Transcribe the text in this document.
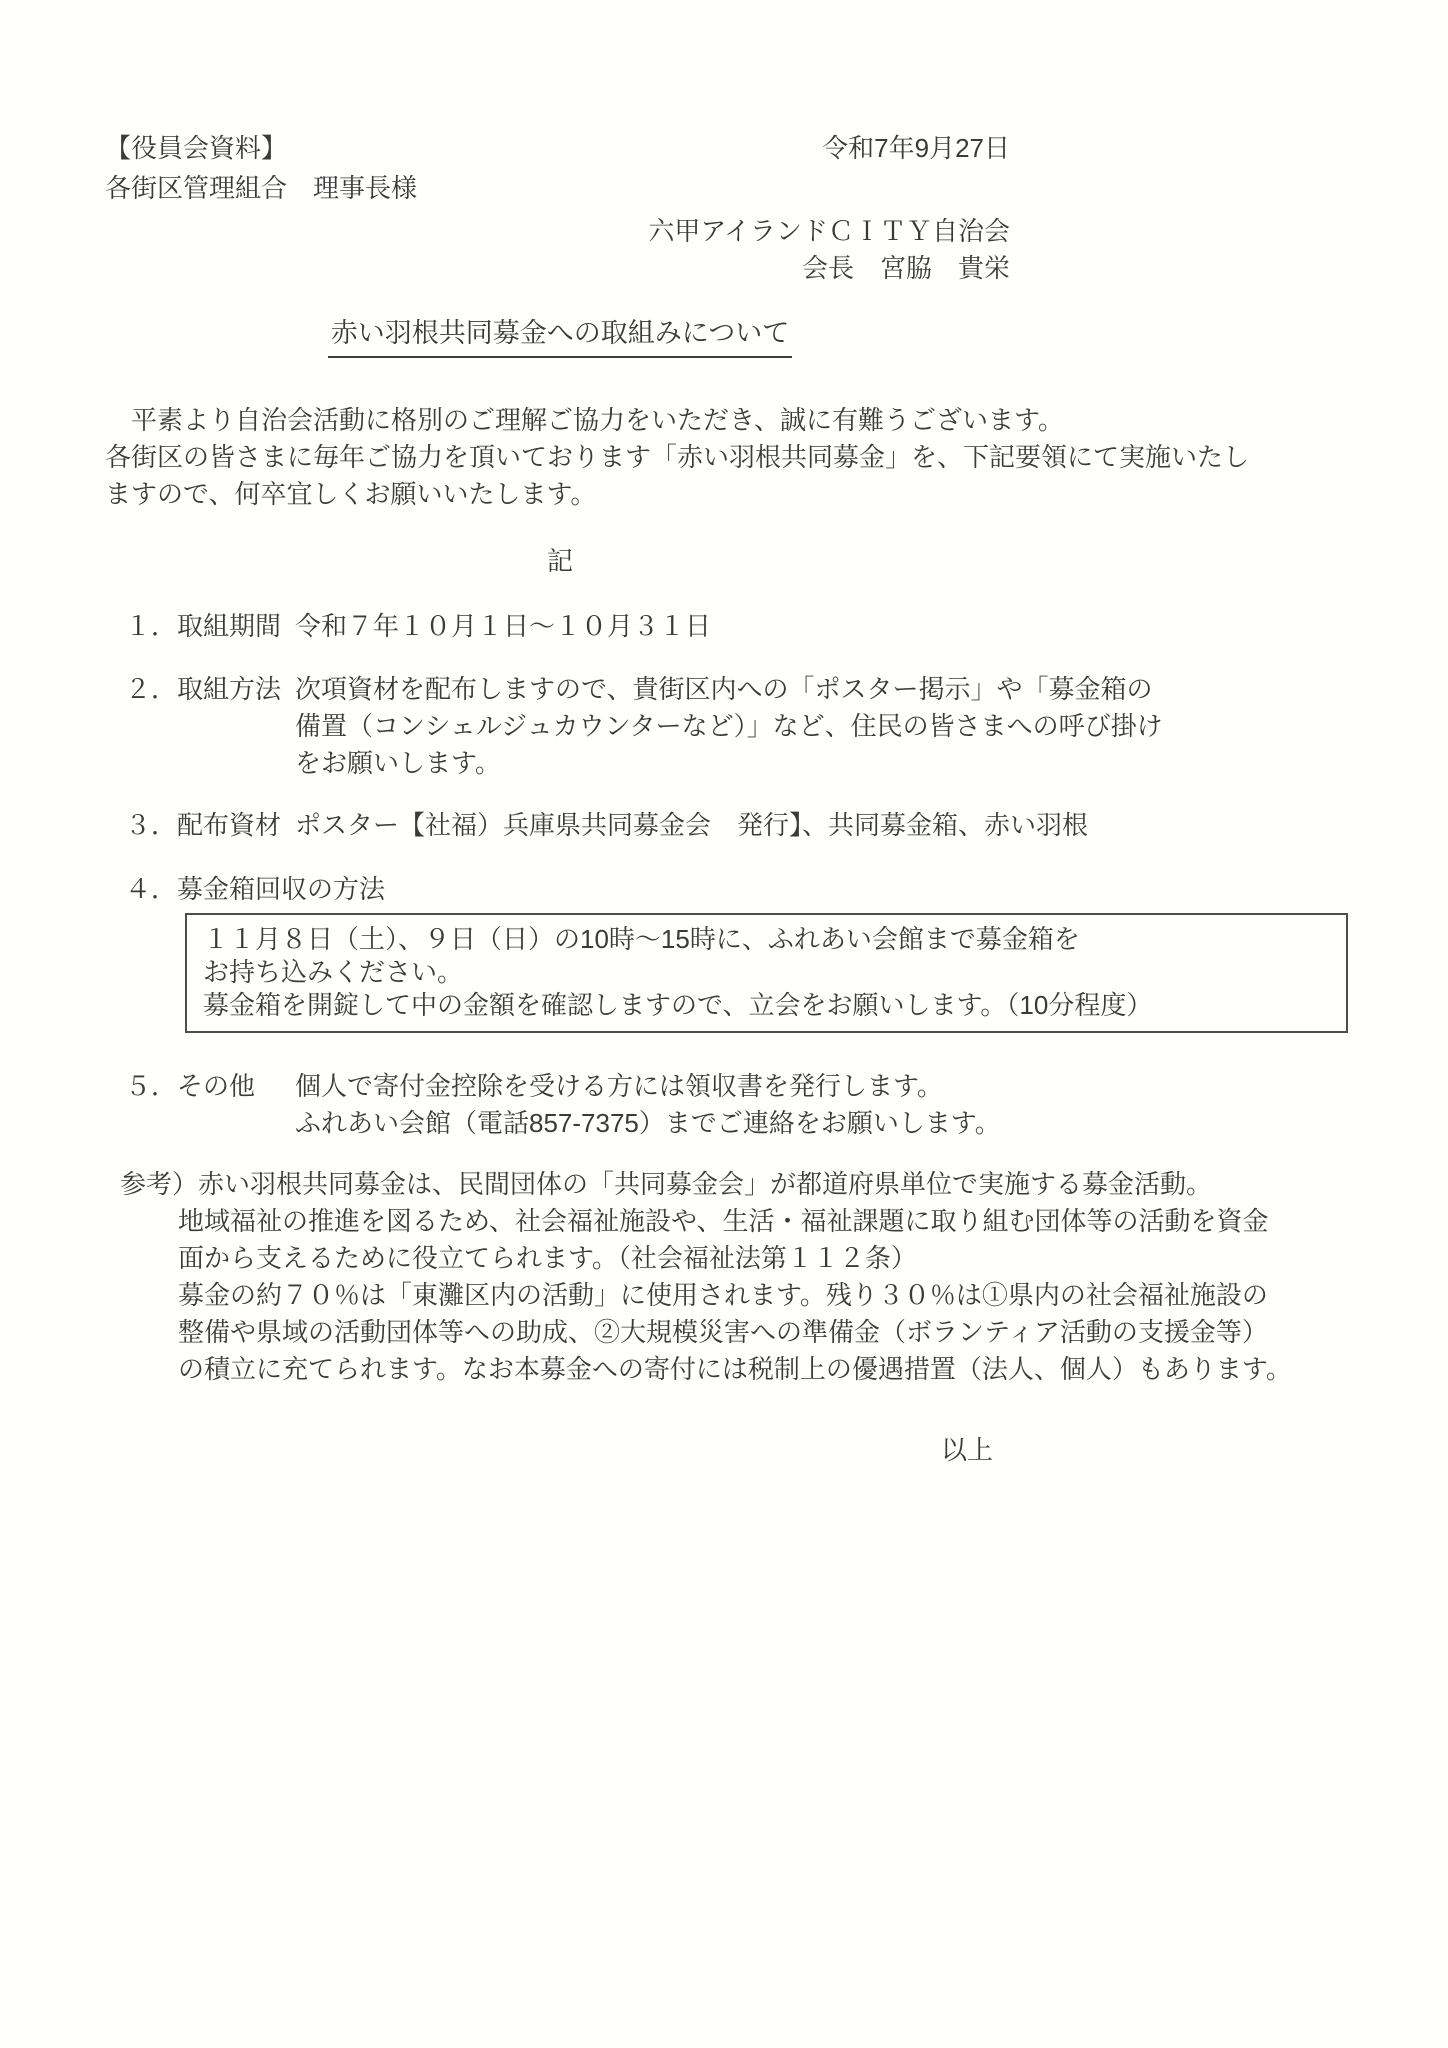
【役員会資料】	令和7年9月27日
各街区管理組合　理事長様
六甲アイランドＣＩＴＹ自治会
会長　宮脇　貴栄
赤い羽根共同募金への取組みについて
　平素より自治会活動に格別のご理解ご協力をいただき、誠に有難うございます。
各街区の皆さまに毎年ご協力を頂いております「赤い羽根共同募金」を、下記要領にて実施いたし
ますので、何卒宜しくお願いいたします。
記
１．取組期間 令和７年１０月１日～１０月３１日
２．取組方法 次項資材を配布しますので、貴街区内への「ポスター掲示」や「募金箱の
備置（コンシェルジュカウンターなど）」など、住民の皆さまへの呼び掛け
をお願いします。
３．配布資材 ポスター【社福）兵庫県共同募金会　発行】、共同募金箱、赤い羽根
４．募金箱回収の方法
１１月８日（土）、９日（日）の10時～15時に、ふれあい会館まで募金箱を
お持ち込みください。
募金箱を開錠して中の金額を確認しますので、立会をお願いします。（10分程度）
５．その他	個人で寄付金控除を受ける方には領収書を発行します。
ふれあい会館（電話857-7375）までご連絡をお願いします。
参考） 赤い羽根共同募金は、民間団体の「共同募金会」が都道府県単位で実施する募金活動。
地域福祉の推進を図るため、社会福祉施設や、生活・福祉課題に取り組む団体等の活動を資金
面から支えるために役立てられます。（社会福祉法第１１２条）
募金の約７０％は「東灘区内の活動」に使用されます。残り３０％は①県内の社会福祉施設の
整備や県域の活動団体等への助成、②大規模災害への準備金（ボランティア活動の支援金等）
の積立に充てられます。なお本募金への寄付には税制上の優遇措置（法人、個人）もあります。
以上
